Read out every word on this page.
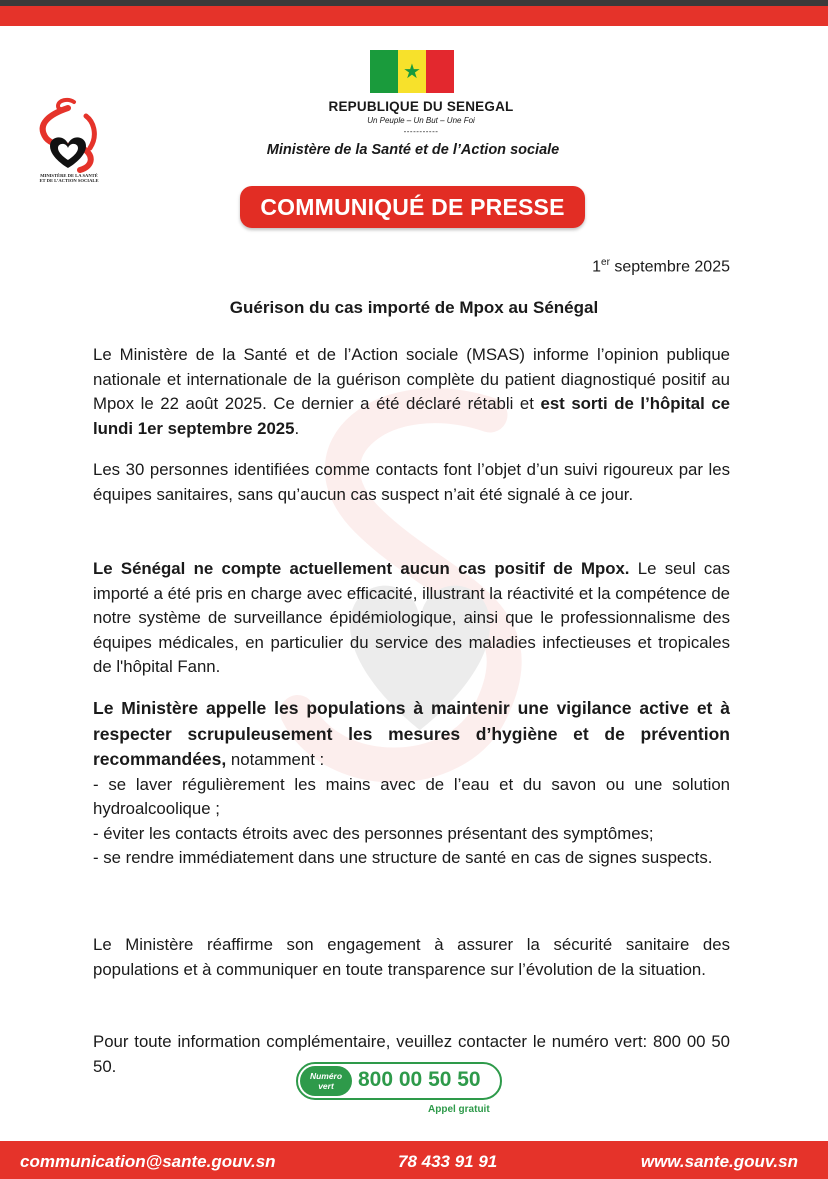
MINISTÈRE DE LA SANTÉ
ET DE L’ACTION SOCIALE
★
REPUBLIQUE DU SENEGAL
Un Peuple – Un But – Une Foi
-----------
Ministère de la Santé et de l’Action sociale
COMMUNIQUÉ DE PRESSE
1er septembre 2025
Guérison du cas importé de Mpox au Sénégal
Le Ministère de la Santé et de l’Action sociale (MSAS) informe l’opinion publique nationale et internationale de la guérison complète du patient diagnostiqué positif au Mpox le 22 août 2025. Ce dernier a été déclaré rétabli et est sorti de l’hôpital ce lundi 1er septembre 2025.
Les 30 personnes identifiées comme contacts font l’objet d’un suivi rigoureux par les équipes sanitaires, sans qu’aucun cas suspect n’ait été signalé à ce jour.
Le Sénégal ne compte actuellement aucun cas positif de Mpox. Le seul cas importé a été pris en charge avec efficacité, illustrant la réactivité et la compétence de notre système de surveillance épidémiologique, ainsi que le professionnalisme des équipes médicales, en particulier du service des maladies infectieuses et tropicales de l'hôpital Fann.
Le Ministère appelle les populations à maintenir une vigilance active et à respecter scrupuleusement les mesures d’hygiène et de prévention recommandées, notamment :
- se laver régulièrement les mains avec de l’eau et du savon ou une solution hydroalcoolique ;
- éviter les contacts étroits avec des personnes présentant des symptômes;
- se rendre immédiatement dans une structure de santé en cas de signes suspects.
Le Ministère réaffirme son engagement à assurer la sécurité sanitaire des populations et à communiquer en toute transparence sur l’évolution de la situation.
Pour toute information complémentaire, veuillez contacter le numéro vert: 800 00 50 50.
Numéro
vert	800 00 50 50
Appel gratuit
communication@sante.gouv.sn	78 433 91 91	www.sante.gouv.sn
